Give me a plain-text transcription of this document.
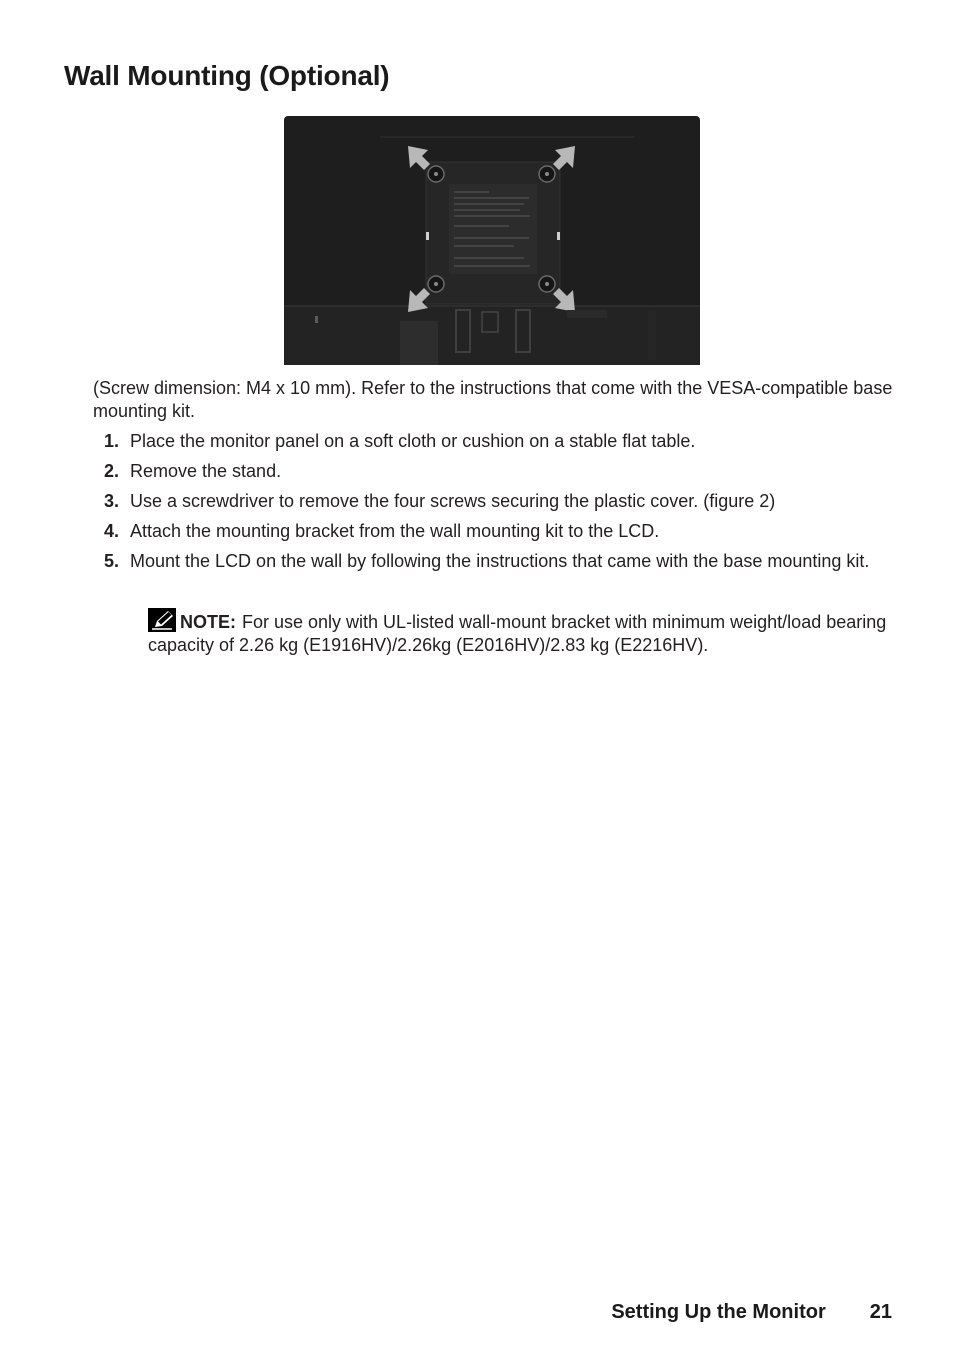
Wall Mounting (Optional)

(Screw dimension: M4 x 10 mm). Refer to the instructions that come with the VESA-compatible base mounting kit.

1. Place the monitor panel on a soft cloth or cushion on a stable flat table.
2. Remove the stand.
3. Use a screwdriver to remove the four screws securing the plastic cover. (figure 2)
4. Attach the mounting bracket from the wall mounting kit to the LCD.
5. Mount the LCD on the wall by following the instructions that came with the base mounting kit.
NOTE: For use only with UL-listed wall-mount bracket with minimum weight/load bearing capacity of 2.26 kg (E1916HV)/2.26kg (E2016HV)/2.83 kg (E2216HV).
Setting Up the Monitor 21
